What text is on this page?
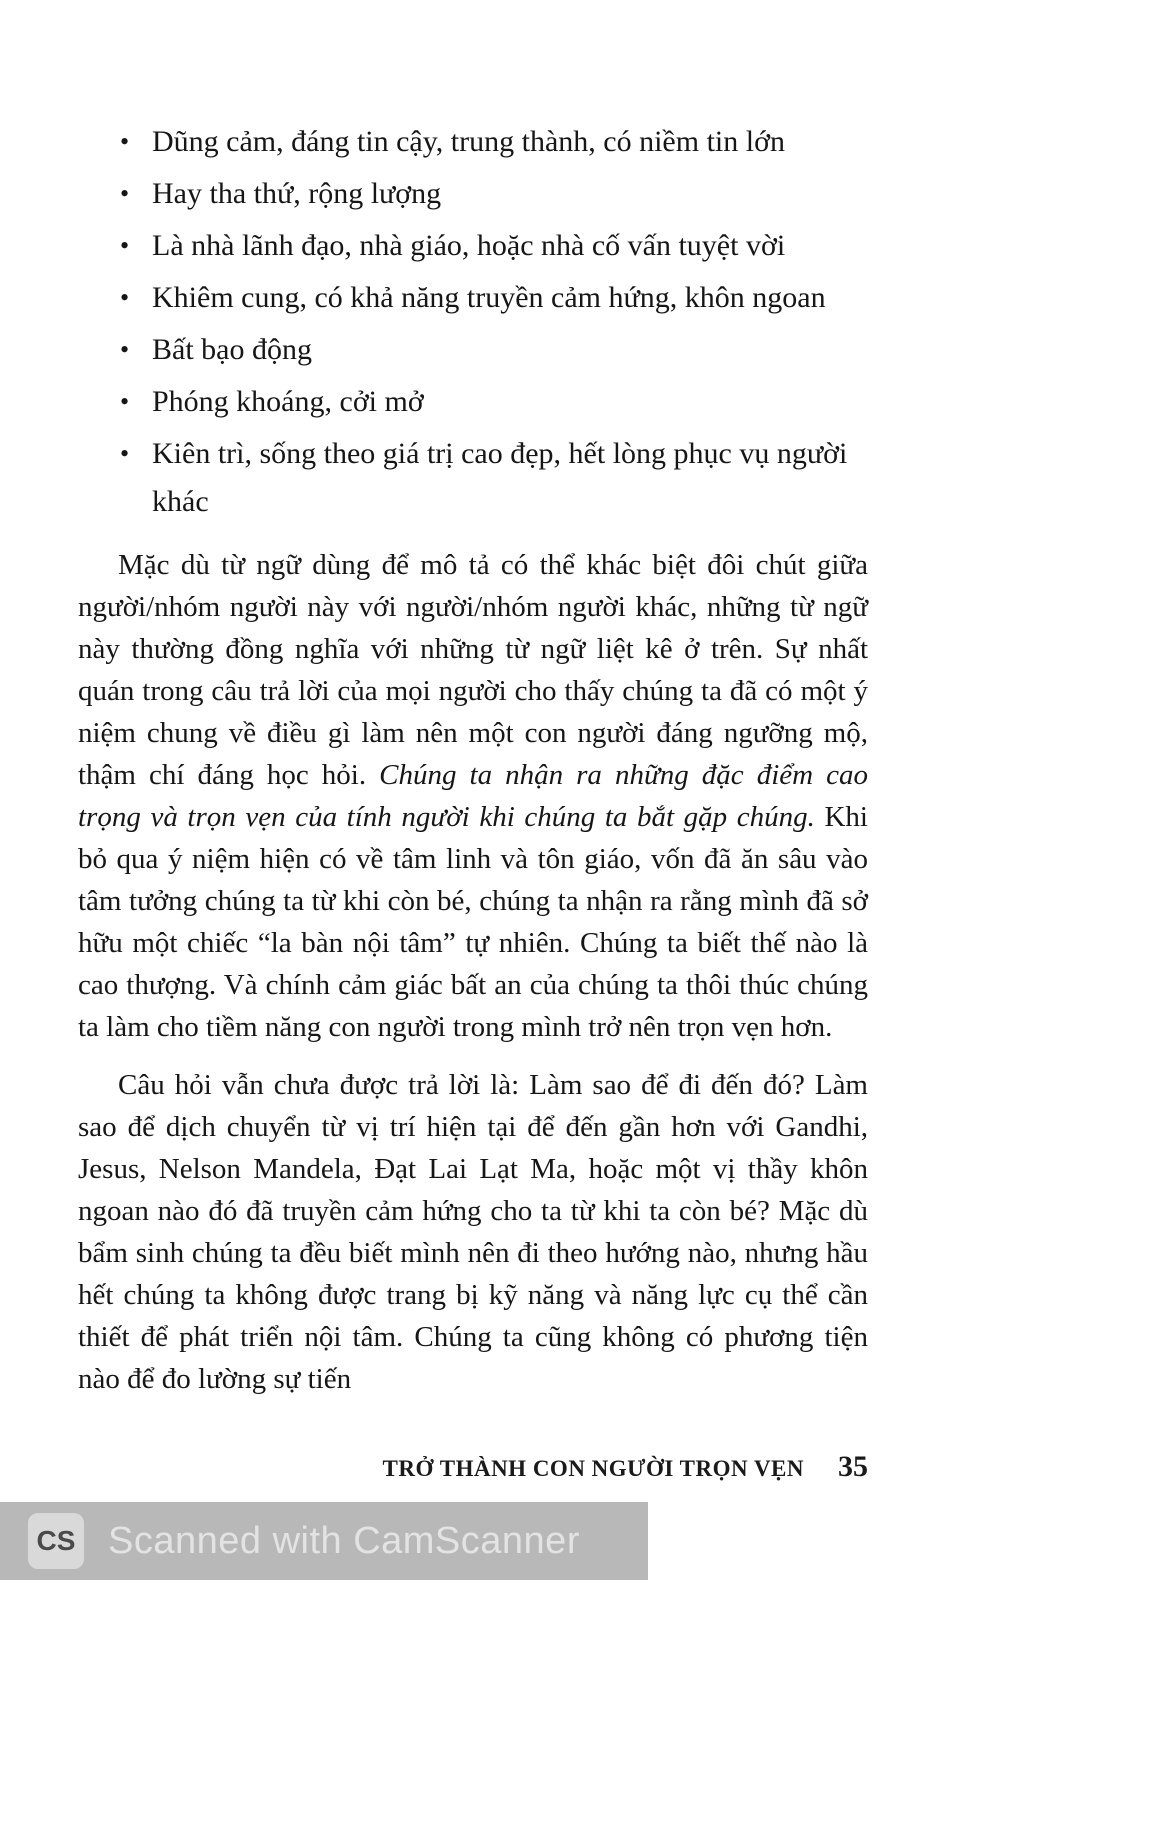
• Dũng cảm, đáng tin cậy, trung thành, có niềm tin lớn
• Hay tha thứ, rộng lượng
• Là nhà lãnh đạo, nhà giáo, hoặc nhà cố vấn tuyệt vời
• Khiêm cung, có khả năng truyền cảm hứng, khôn ngoan
• Bất bạo động
• Phóng khoáng, cởi mở
• Kiên trì, sống theo giá trị cao đẹp, hết lòng phục vụ người khác

Mặc dù từ ngữ dùng để mô tả có thể khác biệt đôi chút giữa người/nhóm người này với người/nhóm người khác, những từ ngữ này thường đồng nghĩa với những từ ngữ liệt kê ở trên. Sự nhất quán trong câu trả lời của mọi người cho thấy chúng ta đã có một ý niệm chung về điều gì làm nên một con người đáng ngưỡng mộ, thậm chí đáng học hỏi. Chúng ta nhận ra những đặc điểm cao trọng và trọn vẹn của tính người khi chúng ta bắt gặp chúng. Khi bỏ qua ý niệm hiện có về tâm linh và tôn giáo, vốn đã ăn sâu vào tâm tưởng chúng ta từ khi còn bé, chúng ta nhận ra rằng mình đã sở hữu một chiếc “la bàn nội tâm” tự nhiên. Chúng ta biết thế nào là cao thượng. Và chính cảm giác bất an của chúng ta thôi thúc chúng ta làm cho tiềm năng con người trong mình trở nên trọn vẹn hơn.

Câu hỏi vẫn chưa được trả lời là: Làm sao để đi đến đó? Làm sao để dịch chuyển từ vị trí hiện tại để đến gần hơn với Gandhi, Jesus, Nelson Mandela, Đạt Lai Lạt Ma, hoặc một vị thầy khôn ngoan nào đó đã truyền cảm hứng cho ta từ khi ta còn bé? Mặc dù bẩm sinh chúng ta đều biết mình nên đi theo hướng nào, nhưng hầu hết chúng ta không được trang bị kỹ năng và năng lực cụ thể cần thiết để phát triển nội tâm. Chúng ta cũng không có phương tiện nào để đo lường sự tiến

TRỞ THÀNH CON NGƯỜI TRỌN VẸN 35
CS Scanned with CamScanner
